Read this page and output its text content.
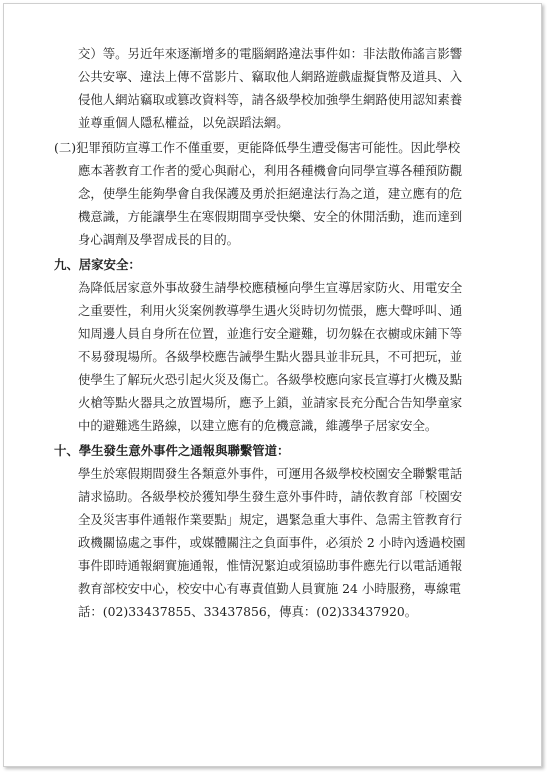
交）等。另近年來逐漸增多的電腦網路違法事件如：非法散佈謠言影響
公共安寧、違法上傳不當影片、竊取他人網路遊戲虛擬貨幣及道具、入
侵他人網站竊取或篡改資料等，請各級學校加強學生網路使用認知素養
並尊重個人隱私權益，以免誤蹈法網。
(二)犯罪預防宣導工作不僅重要，更能降低學生遭受傷害可能性。因此學校
應本著教育工作者的愛心與耐心，利用各種機會向同學宣導各種預防觀
念，使學生能夠學會自我保護及勇於拒絕違法行為之道，建立應有的危
機意識，方能讓學生在寒假期間享受快樂、安全的休閒活動，進而達到
身心調劑及學習成長的目的。
九、居家安全：
為降低居家意外事故發生請學校應積極向學生宣導居家防火、用電安全
之重要性，利用火災案例教導學生遇火災時切勿慌張，應大聲呼叫、通
知周邊人員自身所在位置，並進行安全避難，切勿躲在衣櫥或床鋪下等
不易發現場所。各級學校應告誡學生點火器具並非玩具，不可把玩，並
使學生了解玩火恐引起火災及傷亡。各級學校應向家長宣導打火機及點
火槍等點火器具之放置場所，應予上鎖，並請家長充分配合告知學童家
中的避難逃生路線，以建立應有的危機意識，維護學子居家安全。
十、學生發生意外事件之通報與聯繫管道：
學生於寒假期間發生各類意外事件，可運用各級學校校園安全聯繫電話
請求協助。各級學校於獲知學生發生意外事件時，請依教育部「校園安
全及災害事件通報作業要點」規定，遇緊急重大事件、急需主管教育行
政機關協處之事件，或媒體關注之負面事件，必須於 2 小時內透過校園
事件即時通報網實施通報，惟情況緊迫或須協助事件應先行以電話通報
教育部校安中心，校安中心有專責值勤人員實施 24 小時服務，專線電
話：(02)33437855、33437856，傳真：(02)33437920。
